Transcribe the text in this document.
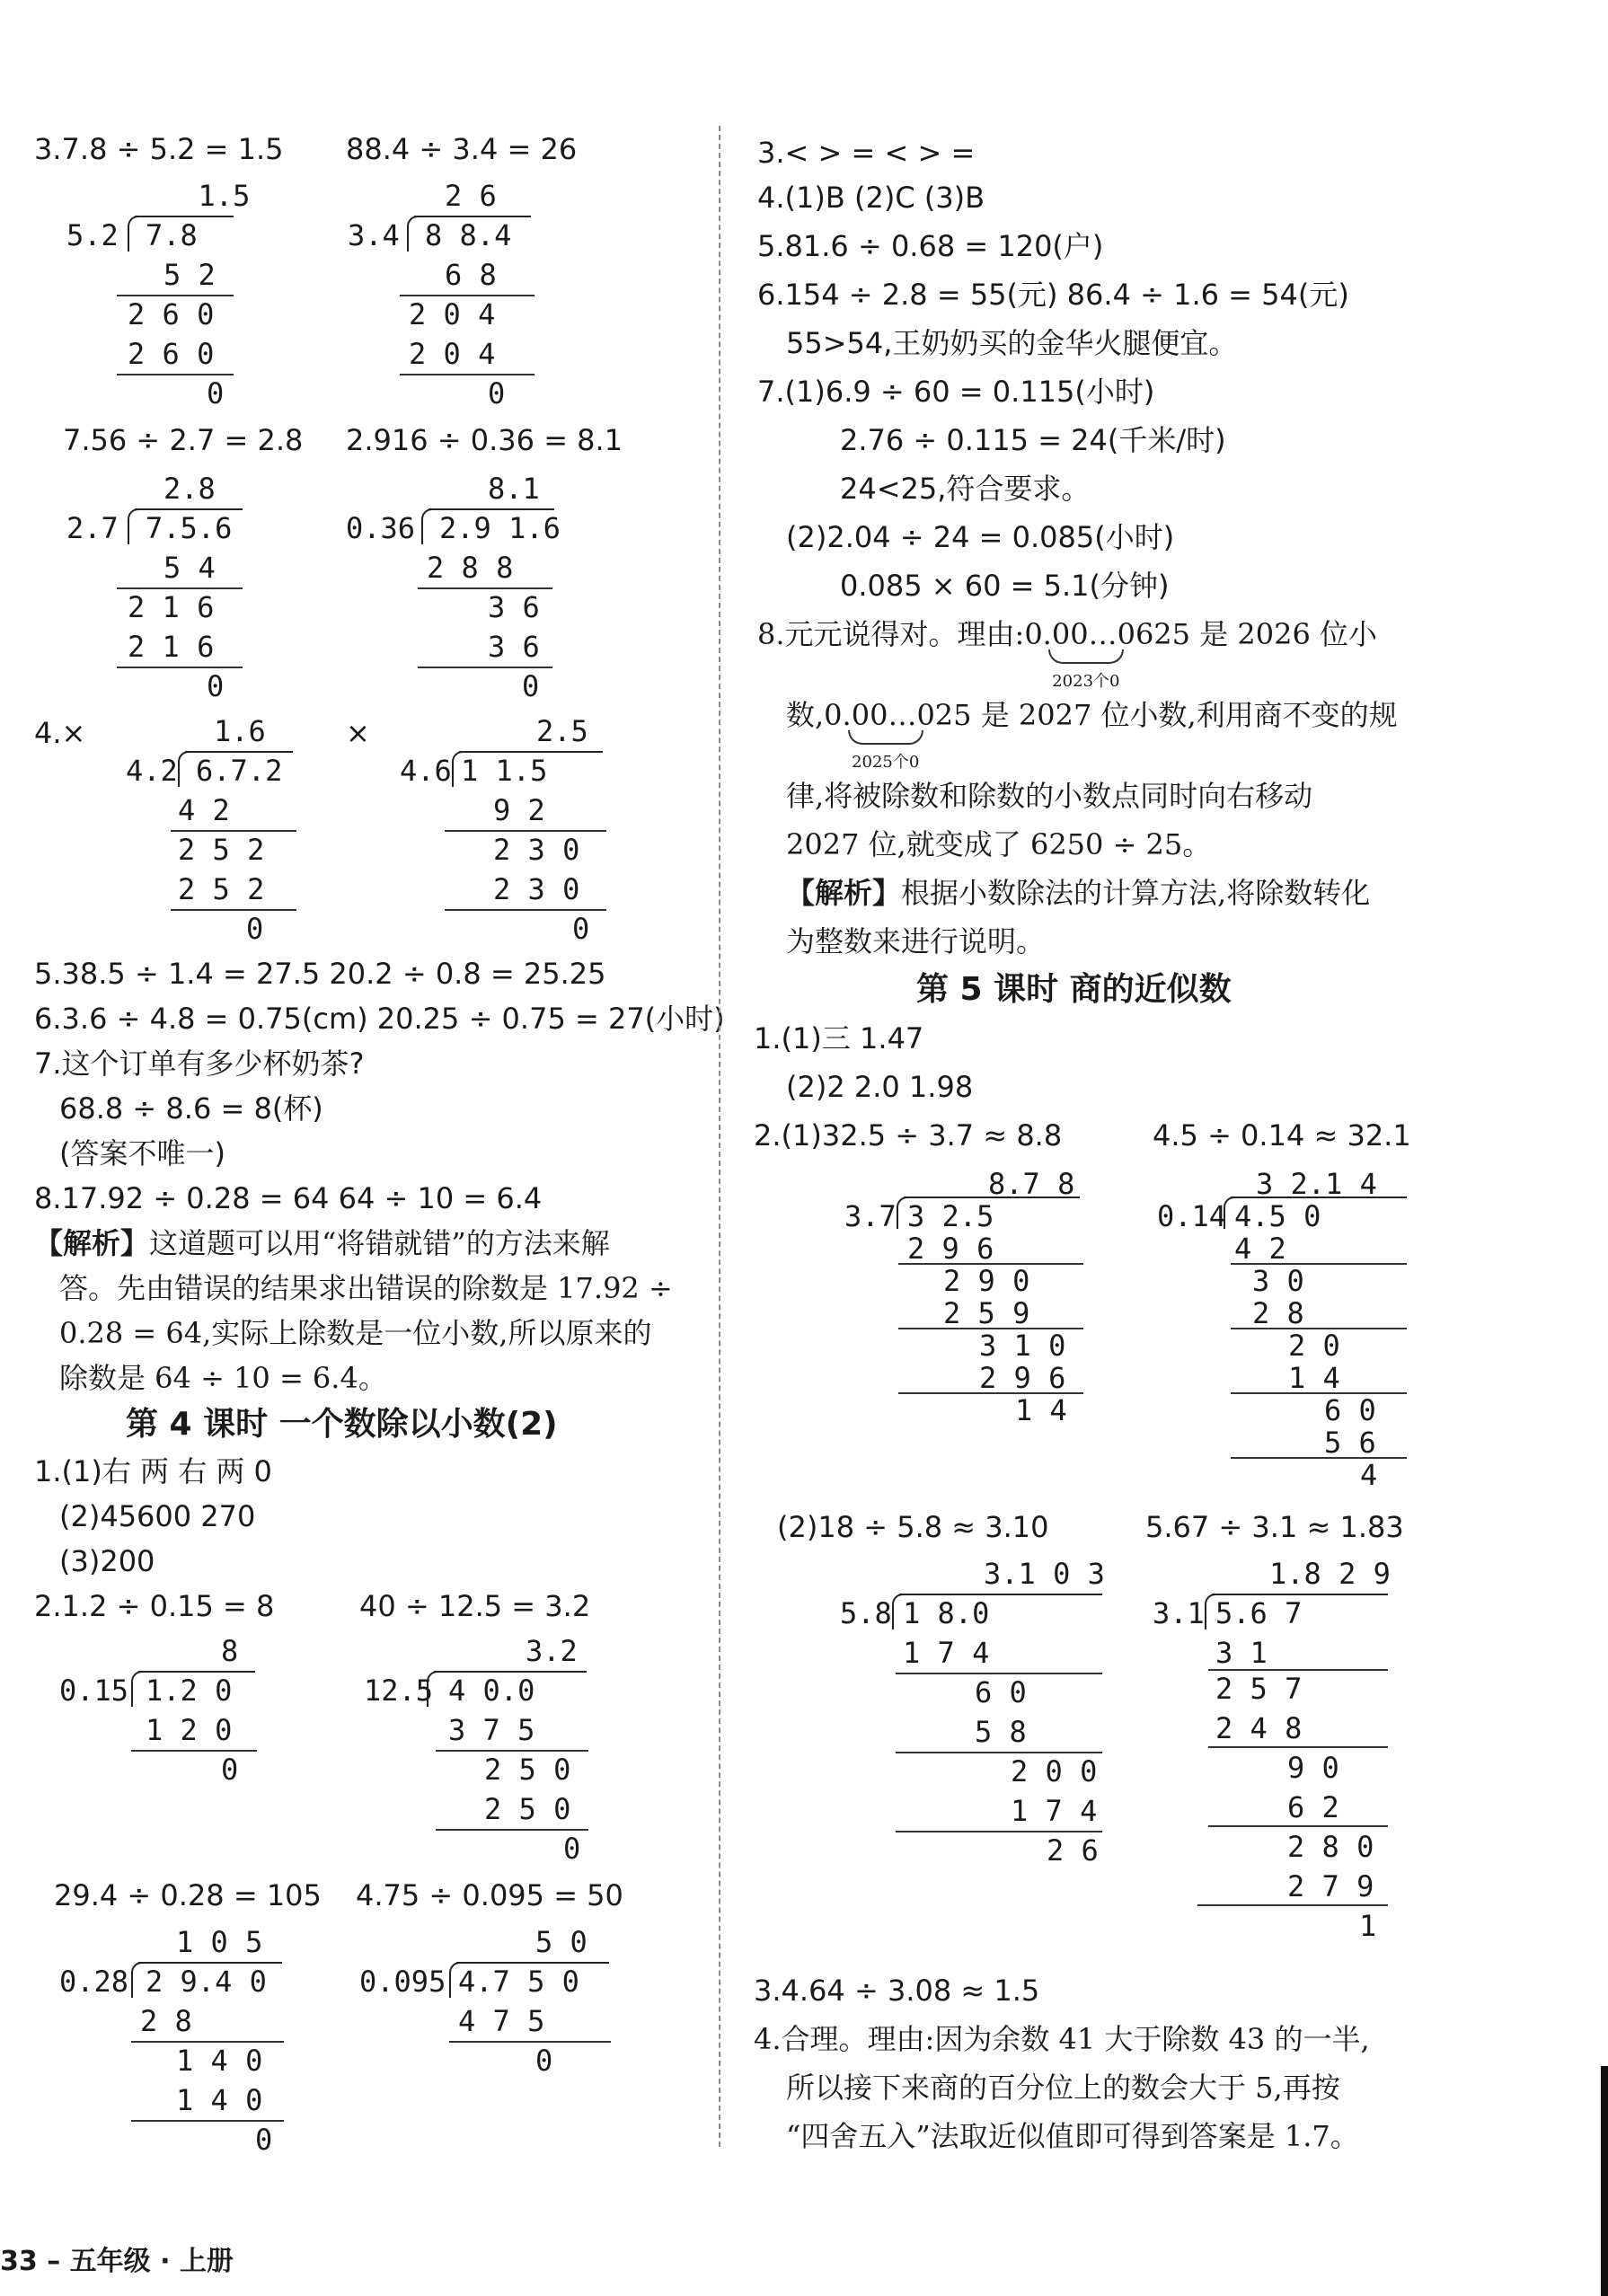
3.7.8 ÷ 5.2 = 1.5 88.4 ÷ 3.4 = 26
1.5
5.2 7.8
5 2
2 6 0
2 6 0
0
2 6
3.4 8 8.4
6 8
2 0 4
2 0 4
0
7.56 ÷ 2.7 = 2.8 2.916 ÷ 0.36 = 8.1
2.8
2.7 7.5.6
5 4
2 1 6
2 1 6
0
8.1
0.36 2.9 1.6
2 8 8
3 6
3 6
0
4.×	1.6
4.2 6.7.2
4 2
2 5 2
2 5 2
0
×	2.5
4.6 1 1.5
9 2
2 3 0
2 3 0
0
5.38.5 ÷ 1.4 = 27.5 20.2 ÷ 0.8 = 25.25
6.3.6 ÷ 4.8 = 0.75(cm) 20.25 ÷ 0.75 = 27(小时)
7.这个订单有多少杯奶茶?
68.8 ÷ 8.6 = 8(杯)
(答案不唯一)
8.17.92 ÷ 0.28 = 64 64 ÷ 10 = 6.4
【解析】这道题可以用“将错就错”的方法来解
答。先由错误的结果求出错误的除数是 17.92 ÷
0.28 = 64,实际上除数是一位小数,所以原来的
除数是 64 ÷ 10 = 6.4。
第 4 课时 一个数除以小数(2)
1.(1)右 两 右 两 0
(2)45600 270
(3)200
2.1.2 ÷ 0.15 = 8	40 ÷ 12.5 = 3.2
8
0.15 1.2 0
1 2 0
0
3.2
12.5 4 0.0
3 7 5
2 5 0
2 5 0
0
29.4 ÷ 0.28 = 105 4.75 ÷ 0.095 = 50
1 0 5
0.28 2 9.4 0
2 8
1 4 0
1 4 0
0
5 0
0.095 4.7 5 0
4 7 5
0
33 – 五年级 · 上册
3.< > = < > =
4.(1)B (2)C (3)B
5.81.6 ÷ 0.68 = 120(户)
6.154 ÷ 2.8 = 55(元) 86.4 ÷ 1.6 = 54(元)
55>54,王奶奶买的金华火腿便宜。
7.(1)6.9 ÷ 60 = 0.115(小时)
2.76 ÷ 0.115 = 24(千米/时)
24<25,符合要求。
(2)2.04 ÷ 24 = 0.085(小时)
0.085 × 60 = 5.1(分钟)
8.元元说得对。理由:0.00…0
2023个0
625 是 2026 位小
数,0.00…0
2025个0
25 是 2027 位小数,利用商不变的规
律,将被除数和除数的小数点同时向右移动
2027 位,就变成了 6250 ÷ 25。
【解析】根据小数除法的计算方法,将除数转化
为整数来进行说明。
第 5 课时 商的近似数
1.(1)三 1.47
(2)2 2.0 1.98
2.(1)32.5 ÷ 3.7 ≈ 8.8	4.5 ÷ 0.14 ≈ 32.1
8.7 8
3.7 3 2.5
2 9 6
2 9 0
2 5 9
3 1 0
2 9 6
1 4
3 2.1 4
0.14 4.5 0
4 2
3 0
2 8
2 0
1 4
6 0
5 6
4
(2)18 ÷ 5.8 ≈ 3.10	5.67 ÷ 3.1 ≈ 1.83
3.1 0 3
5.8 1 8.0
1 7 4
6 0
5 8
2 0 0
1 7 4
2 6
1.8 2 9
3.1 5.6 7
3 1
2 5 7
2 4 8
9 0
6 2
2 8 0
2 7 9
1
3.4.64 ÷ 3.08 ≈ 1.5
4.合理。理由:因为余数 41 大于除数 43 的一半,
所以接下来商的百分位上的数会大于 5,再按
“四舍五入”法取近似值即可得到答案是 1.7。
